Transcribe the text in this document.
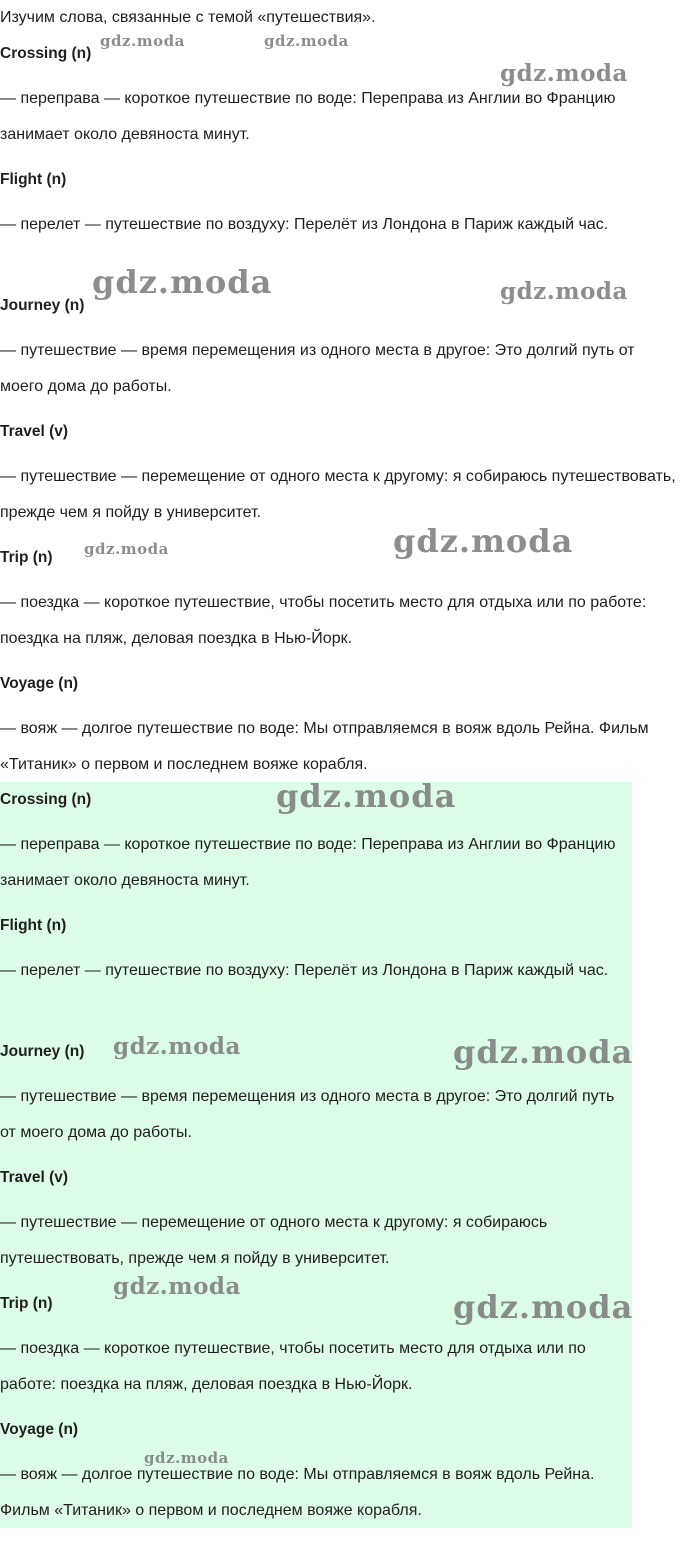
Изучим слова, связанные с темой «путешествия».
Crossing (n)
— переправа — короткое путешествие по воде: Переправа из Англии во Францию занимает около девяноста минут.
Flight (n)
— перелет — путешествие по воздуху: Перелёт из Лондона в Париж каждый час.
Journey (n)
— путешествие — время перемещения из одного места в другое: Это долгий путь от моего дома до работы.
Travel (v)
— путешествие — перемещение от одного места к другому: я собираюсь путешествовать, прежде чем я пойду в университет.
Trip (n)
— поездка — короткое путешествие, чтобы посетить место для отдыха или по работе: поездка на пляж, деловая поездка в Нью-Йорк.
Voyage (n)
— вояж — долгое путешествие по воде: Мы отправляемся в вояж вдоль Рейна. Фильм «Титаник» о первом и последнем вояже корабля.
Crossing (n)
— переправа — короткое путешествие по воде: Переправа из Англии во Францию занимает около девяноста минут.
Flight (n)
— перелет — путешествие по воздуху: Перелёт из Лондона в Париж каждый час.
Journey (n)
— путешествие — время перемещения из одного места в другое: Это долгий путь от моего дома до работы.
Travel (v)
— путешествие — перемещение от одного места к другому: я собираюсь путешествовать, прежде чем я пойду в университет.
Trip (n)
— поездка — короткое путешествие, чтобы посетить место для отдыха или по работе: поездка на пляж, деловая поездка в Нью-Йорк.
Voyage (n)
— вояж — долгое путешествие по воде: Мы отправляемся в вояж вдоль Рейна. Фильм «Титаник» о первом и последнем вояже корабля.
gdz.moda	gdz.moda
gdz.moda
gdz.moda	gdz.moda
gdz.moda	gdz.moda
gdz.moda
gdz.moda	gdz.moda
gdz.moda
gdz.moda
gdz.moda
